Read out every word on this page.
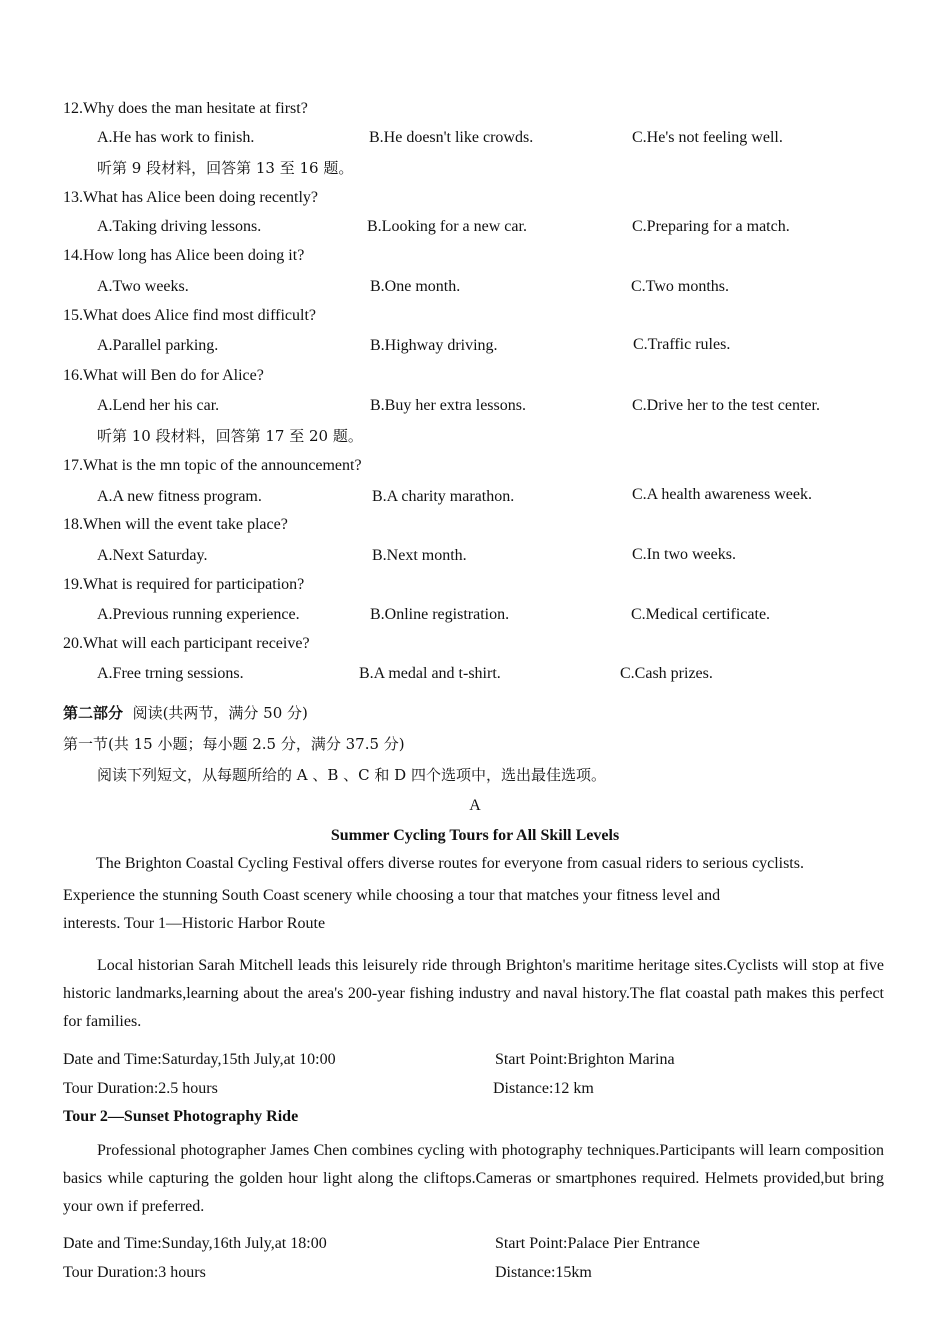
12.Why does the man hesitate at first?
A.He has work to finish.	B.He doesn't like crowds.	C.He's not feeling well.
听第 9 段材料，回答第 13 至 16 题。
13.What has Alice been doing recently?
A.Taking driving lessons.	B.Looking for a new car.	C.Preparing for a match.
14.How long has Alice been doing it?
A.Two weeks.	B.One month.	C.Two months.
15.What does Alice find most difficult?
A.Parallel parking.	B.Highway driving.	C.Traffic rules.
16.What will Ben do for Alice?
A.Lend her his car.	B.Buy her extra lessons.	C.Drive her to the test center.
听第 10 段材料，回答第 17 至 20 题。
17.What is the mn topic of the announcement?
A.A new fitness program.	B.A charity marathon.	C.A health awareness week.
18.When will the event take place?
A.Next Saturday.	B.Next month.	C.In two weeks.
19.What is required for participation?
A.Previous running experience.	B.Online registration.	C.Medical certificate.
20.What will each participant receive?
A.Free trning sessions.	B.A medal and t-shirt.	C.Cash prizes.
第二部分 阅读(共两节，满分 50 分)
第一节(共 15 小题；每小题 2.5 分，满分 37.5 分)
阅读下列短文，从每题所给的 A 、B 、C 和 D 四个选项中，选出最佳选项。
A
Summer Cycling Tours for All Skill Levels
The Brighton Coastal Cycling Festival offers diverse routes for everyone from casual riders to serious cyclists.
Experience the stunning South Coast scenery while choosing a tour that matches your fitness level and
interests. Tour 1—Historic Harbor Route
Local historian Sarah Mitchell leads this leisurely ride through Brighton's maritime heritage sites.Cyclists will stop at five historic landmarks,learning about the area's 200-year fishing industry and naval history.The flat coastal path makes this perfect for families.
Date and Time:Saturday,15th July,at 10:00	Start Point:Brighton Marina
Tour Duration:2.5 hours	Distance:12 km
Tour 2—Sunset Photography Ride
Professional photographer James Chen combines cycling with photography techniques.Participants will learn composition basics while capturing the golden hour light along the cliftops.Cameras or smartphones required. Helmets provided,but bring your own if preferred.
Date and Time:Sunday,16th July,at 18:00	Start Point:Palace Pier Entrance
Tour Duration:3 hours	Distance:15km
